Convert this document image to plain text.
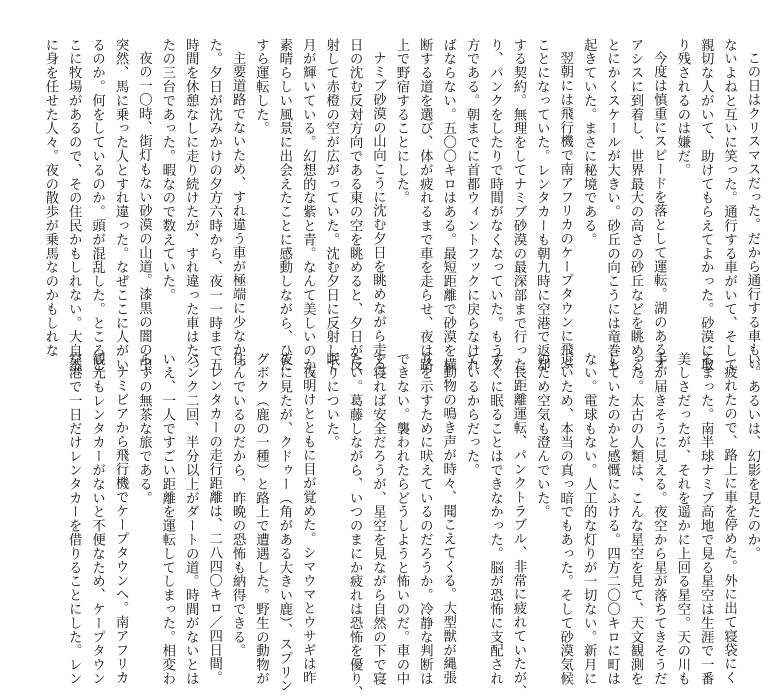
この日はクリスマスだった。だから通行する車もい

ないよねと互いに笑った。通行する車がいて、そして

親切な人がいて、助けてもらえてよかった。砂漠に取

り残されるのは嫌だ。

今度は慎重にスピードを落として運転。湖のあるオ

アシスに到着し、世界最大の高さの砂丘などを眺める。

とにかくスケールが大きい。砂丘の向こうには竜巻も

起きていた。まさに秘境である。

翌朝には飛行機で南アフリカのケープタウンに飛ぶ

ことになっていた。レンタカーも朝九時に空港で返却

する契約。無理をしてナミブ砂漠の最深部まで行った

り、パンクをしたりで時間がなくなっていた。もう夕

方である。朝までに首都ウィントフックに戻らなけれ

ばならない。五〇〇キロはある。最短距離で砂漠を横

断する道を選び、体が疲れるまで車を走らせ、夜は路

上で野宿することにした。

ナミブ砂漠の山向こうに沈む夕日を眺めながら走る。

日の沈む反対方向である東の空を眺めると、夕日が反

射して赤橙の空が広がっていた。沈む夕日に反射して

月が輝いている。幻想的な紫と青。なんて美しいのか。

素晴らしい風景に出会えたことに感動しながら、ひた

すら運転した。

主要道路でないため、すれ違う車が極端に少なかっ

た。夕日が沈みかけの夕方六時から、夜一一時まで五

時間を休憩なしに走り続けたが、すれ違った車はたっ

たの三台であった。暇なので数えていた。

夜の一〇時、街灯もない砂漠の山道。漆黒の闇の中、

突然、馬に乗った人とすれ違った。なぜここに人がい

るのか。何をしているのか。頭が混乱した。ところど

こに牧場があるので、その住民かもしれない。大自然

に身を任せた人々。夜の散歩が乗馬なのかもしれな

い。あるいは、幻影を見たのか。

疲れたので、路上に車を停めた。外に出て寝袋にく

るまった。南半球ナミブ高地で見る星空は生涯で一番

美しさだったが、それを遥かに上回る星空。天の川も

手が届きそうに見える。夜空から星が落ちてきそうだ

った。太古の人類は、こんな星空を見て、天文観測を

していたのかと感慨にふける。四方二〇〇キロに町は

ない。電球もない。人工的な灯りが一切ない。新月に

近いため、本当の真っ暗でもあった。そして砂漠気候

のため空気も澄んでいた。

長距離運転、パンクトラブル、非常に疲れていたが、

すぐに眠ることはできなかった。脳が恐怖に支配され

ているからだった。

動物の鳴き声が時々、聞こえてくる。大型獣が縄張

りを示すために吠えているのだろうか。冷静な判断は

できない。襲われたらどうしようと怖いのだ。車の中

で寝れば安全だろうが、星空を見ながら自然の下で寝

たい。葛藤しながら、いつのまにか疲れは恐怖を優り、

眠りについた。

夜明けとともに目が覚めた。シマウマとウサギは昨

夜に見たが、クドゥー（角がある大きい鹿）、スプリン

グボク（鹿の一種）と路上で遭遇した。野生の動物が

住んでいるのだから、昨晩の恐怖も納得できる。

レンタカーの走行距離は、二八四〇キロ／四日間。

パンク二回、半分以上がダートの道。時間がないとは

いえ、一人ですごい距離を運転してしまった。相変わ

らずの無茶な旅である。

ナミビアから飛行機でケープタウンへ。南アフリカ

観光もレンタカーがないと不便なため、ケープタウン

空港で一日だけレンタカーを借りることにした。レン
